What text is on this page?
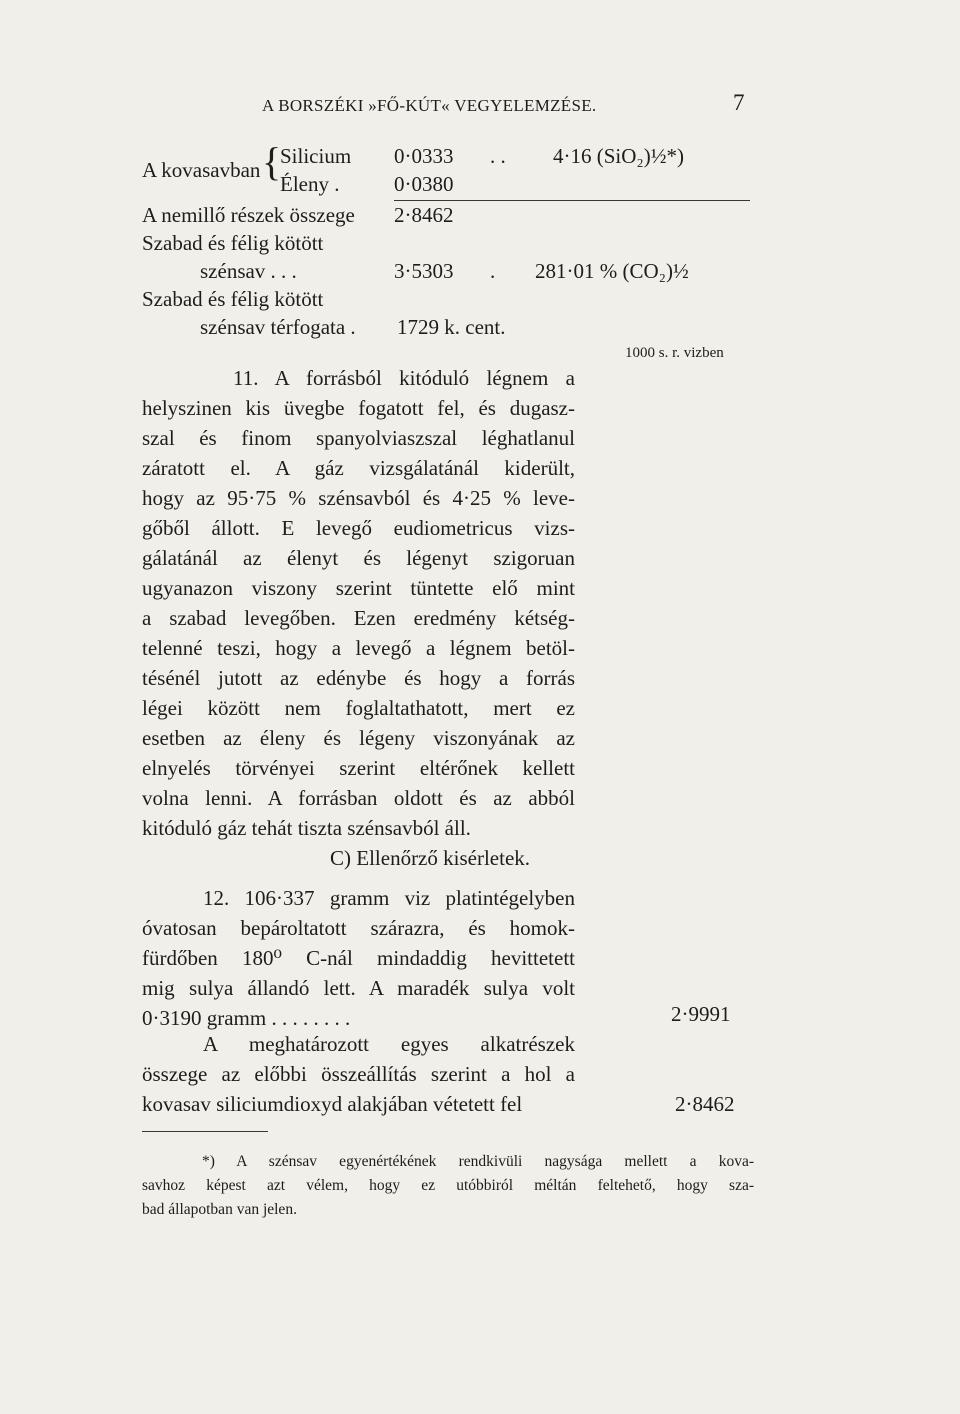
A BORSZÉKI »FŐ-KÚT« VEGYELEMZÉSE.	7
A kovasavban {
Silicium 0·0333 . . 4·16 (SiO₂)½*)
Éleny .	0·0380
A nemillő részek összege 2·8462
Szabad és félig kötött
szénsav . . .	3·5303 . 281·01 % (CO₂)½
Szabad és félig kötött
szénsav térfogata . 1729 k. cent.
1000 s. r. vizben
11. A forrásból kitóduló légnem a
helyszinen kis üvegbe fogatott fel, és dugasz-
szal és finom spanyolviaszszal léghatlanul
záratott el. A gáz vizsgálatánál kiderült,
hogy az 95·75 % szénsavból és 4·25 % leve-
gőből állott. E levegő eudiometricus vizs-
gálatánál az élenyt és légenyt szigoruan
ugyanazon viszony szerint tüntette elő mint
a szabad levegőben. Ezen eredmény kétség-
telenné teszi, hogy a levegő a légnem betöl-
tésénél jutott az edénybe és hogy a forrás
légei között nem foglaltathatott, mert ez
esetben az éleny és légeny viszonyának az
elnyelés törvényei szerint eltérőnek kellett
volna lenni. A forrásban oldott és az abból
kitóduló gáz tehát tiszta szénsavból áll.
C) Ellenőrző kisérletek.
12. 106·337 gramm viz platintégelyben
óvatosan bepároltatott szárazra, és homok-
fürdőben 180⁰ C-nál mindaddig hevittetett
mig sulya állandó lett. A maradék sulya volt
0·3190 gramm . . . . . . . .	2·9991
A meghatározott egyes alkatrészek
összege az előbbi összeállítás szerint a hol a
kovasav siliciumdioxyd alakjában vétetett fel	2·8462
*) A szénsav egyenértékének rendkivüli nagysága mellett a kova-
savhoz képest azt vélem, hogy ez utóbbiról méltán feltehető, hogy sza-
bad állapotban van jelen.
